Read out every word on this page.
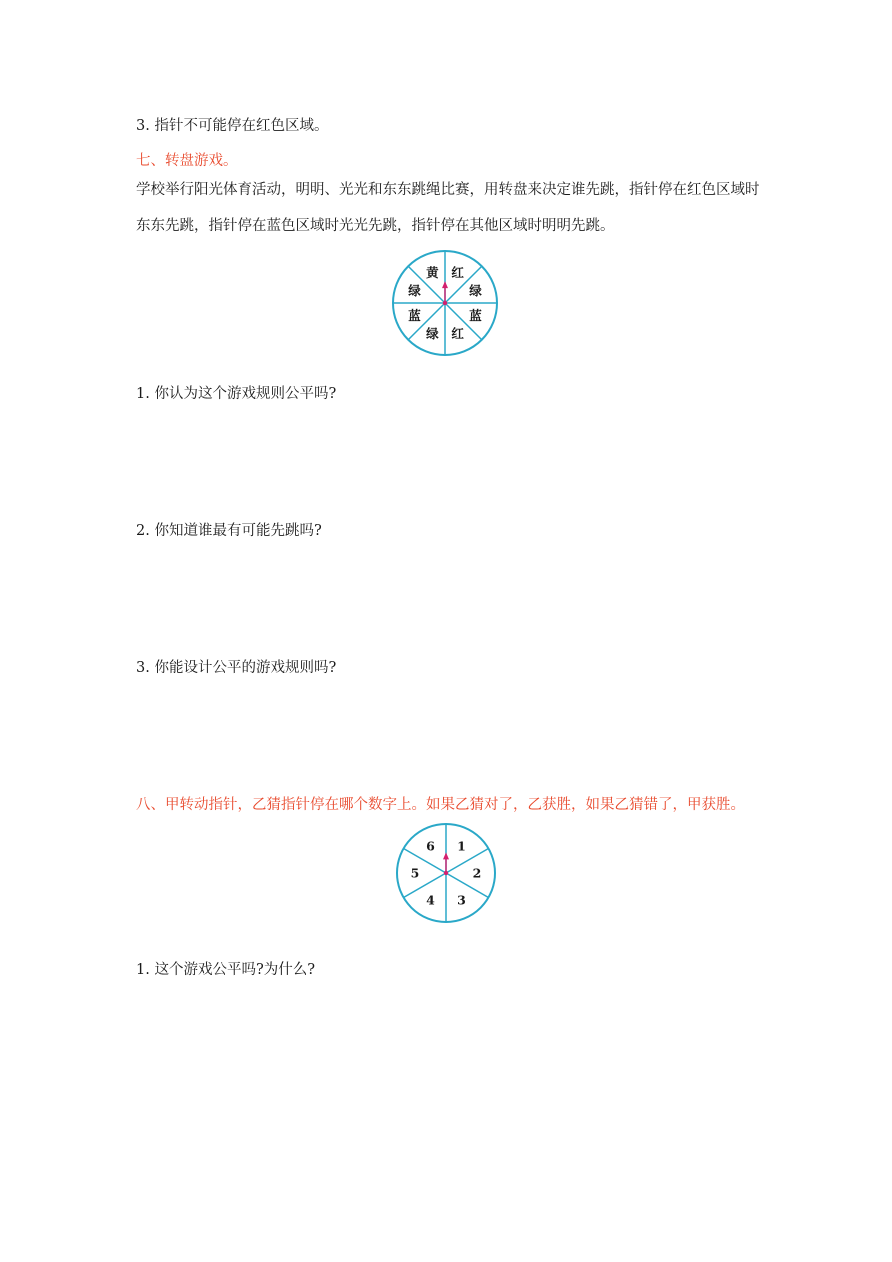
3. 指针不可能停在红色区域。
七、转盘游戏。
学校举行阳光体育活动，明明、光光和东东跳绳比赛，用转盘来决定谁先跳，指针停在红色区域时东东先跳，指针停在蓝色区域时光光先跳，指针停在其他区域时明明先跳。
红
绿
蓝
红
绿
蓝
绿
黄
1. 你认为这个游戏规则公平吗?
2. 你知道谁最有可能先跳吗?
3. 你能设计公平的游戏规则吗?
八、甲转动指针，乙猜指针停在哪个数字上。如果乙猜对了，乙获胜，如果乙猜错了，甲获胜。
1
2
3
4
5
6
1. 这个游戏公平吗?为什么?
